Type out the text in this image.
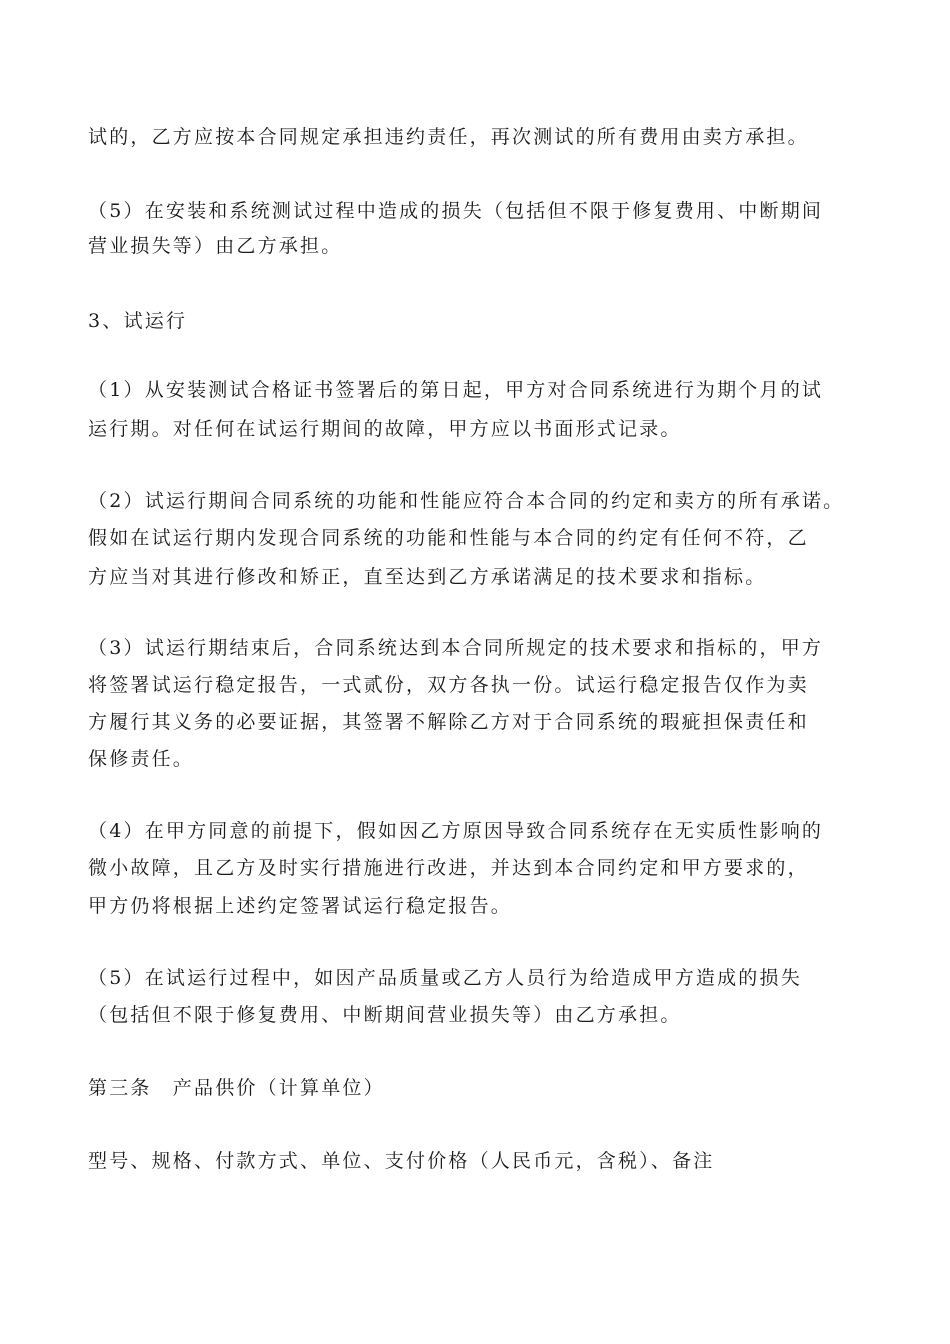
试的，乙方应按本合同规定承担违约责任，再次测试的所有费用由卖方承担。
（5）在安装和系统测试过程中造成的损失（包括但不限于修复费用、中断期间
营业损失等）由乙方承担。
3、试运行
（1）从安装测试合格证书签署后的第日起，甲方对合同系统进行为期个月的试
运行期。对任何在试运行期间的故障，甲方应以书面形式记录。
（2）试运行期间合同系统的功能和性能应符合本合同的约定和卖方的所有承诺。
假如在试运行期内发现合同系统的功能和性能与本合同的约定有任何不符，乙
方应当对其进行修改和矫正，直至达到乙方承诺满足的技术要求和指标。
（3）试运行期结束后，合同系统达到本合同所规定的技术要求和指标的，甲方
将签署试运行稳定报告，一式贰份，双方各执一份。试运行稳定报告仅作为卖
方履行其义务的必要证据，其签署不解除乙方对于合同系统的瑕疵担保责任和
保修责任。
（4）在甲方同意的前提下，假如因乙方原因导致合同系统存在无实质性影响的
微小故障，且乙方及时实行措施进行改进，并达到本合同约定和甲方要求的，
甲方仍将根据上述约定签署试运行稳定报告。
（5）在试运行过程中，如因产品质量或乙方人员行为给造成甲方造成的损失
（包括但不限于修复费用、中断期间营业损失等）由乙方承担。
第三条　产品供价（计算单位）
型号、规格、付款方式、单位、支付价格（人民币元，含税）、备注
